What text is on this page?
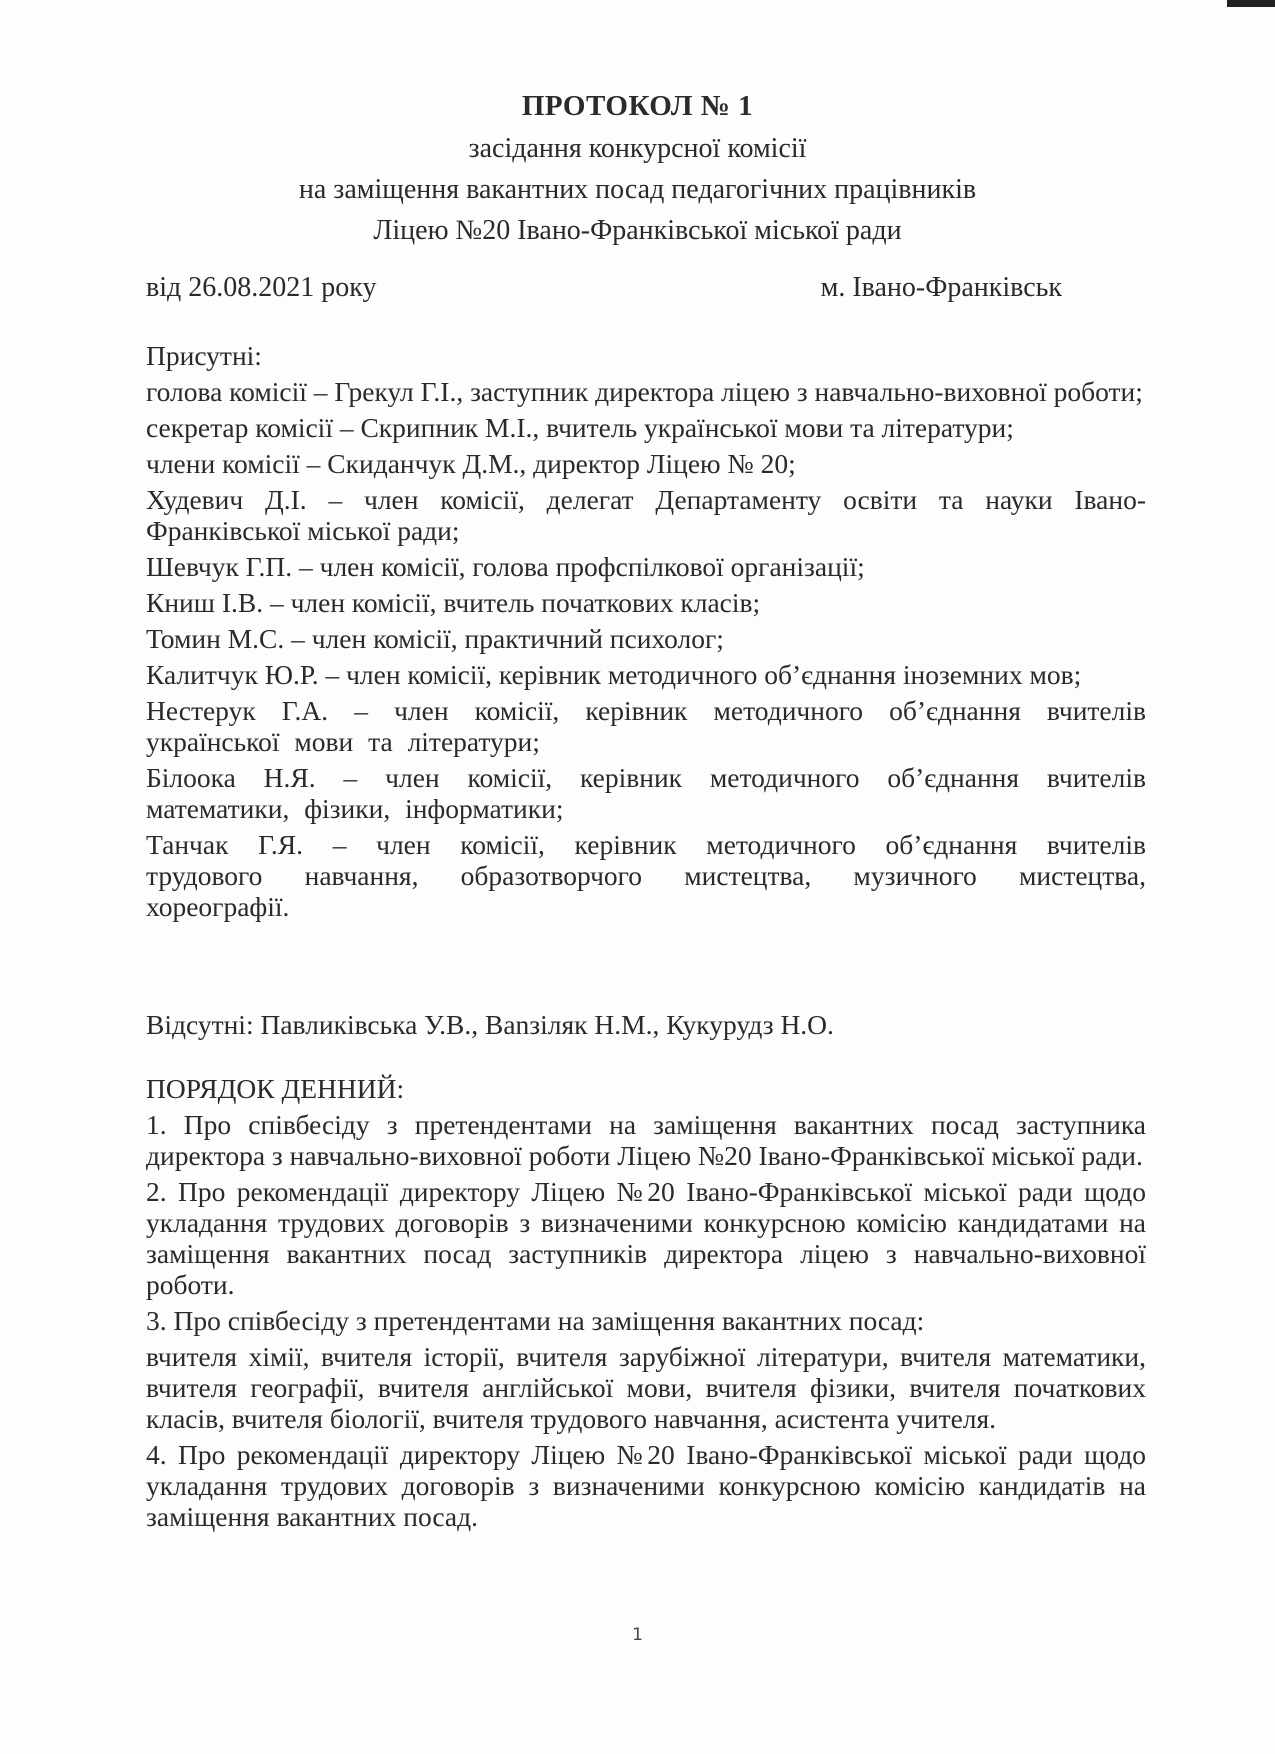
ПРОТОКОЛ № 1
засідання конкурсної комісії
на заміщення вакантних посад педагогічних працівників
Ліцею №20 Івано-Франківської міської ради
від 26.08.2021 року	м. Івано-Франківськ

Присутні:

голова комісії – Грекул Г.І., заступник директора ліцею з навчально-виховної роботи;

секретар комісії – Скрипник М.І., вчитель української мови та літератури;

члени комісії – Скиданчук Д.М., директор Ліцею № 20;

Худевич Д.І. – член комісії, делегат Департаменту освіти та науки Івано-Франківської міської ради;

Шевчук Г.П. – член комісії, голова профспілкової організації;

Книш І.В. – член комісії, вчитель початкових класів;

Томин М.С. – член комісії, практичний психолог;

Калитчук Ю.Р. – член комісії, керівник методичного об’єднання іноземних мов;

Нестерук Г.А. – член комісії, керівник методичного об’єднання вчителів української мови та літератури;

Білоока Н.Я. – член комісії, керівник методичного об’єднання вчителів математики, фізики, інформатики;

Танчак Г.Я. – член комісії, керівник методичного об’єднання вчителів трудового навчання, образотворчого мистецтва, музичного мистецтва, хореографії.

Відсутні: Павликівська У.В., Вanзіляк Н.М., Кукурудз Н.О.

ПОРЯДОК ДЕННИЙ:

1. Про співбесіду з претендентами на заміщення вакантних посад заступника директора з навчально-виховної роботи Ліцею №20 Івано-Франківської міської ради.

2. Про рекомендації директору Ліцею №20 Івано-Франківської міської ради щодо укладання трудових договорів з визначеними конкурсною комісію кандидатами на заміщення вакантних посад заступників директора ліцею з навчально-виховної роботи.

3. Про співбесіду з претендентами на заміщення вакантних посад:

вчителя хімії, вчителя історії, вчителя зарубіжної літератури, вчителя математики, вчителя географії, вчителя англійської мови, вчителя фізики, вчителя початкових класів, вчителя біології, вчителя трудового навчання, асистента учителя.

4. Про рекомендації директору Ліцею №20 Івано-Франківської міської ради щодо укладання трудових договорів з визначеними конкурсною комісію кандидатів на заміщення вакантних посад.

1
